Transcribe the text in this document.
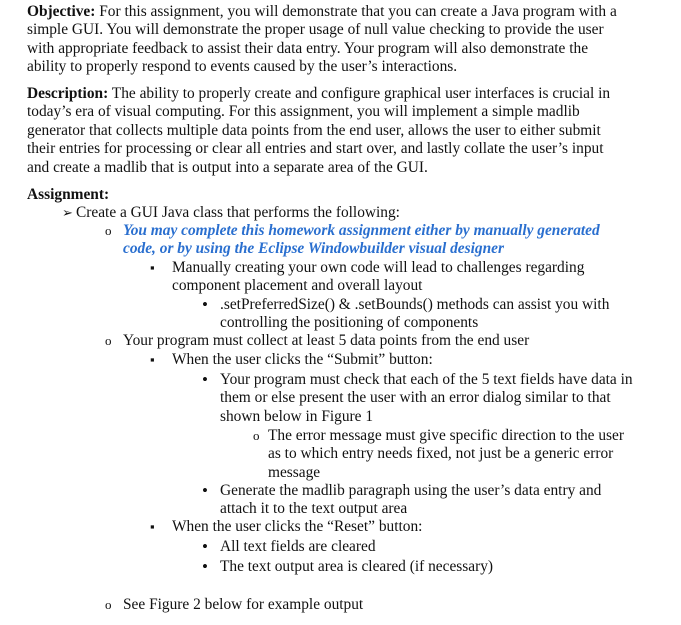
Objective: For this assignment, you will demonstrate that you can create a Java program with a
simple GUI. You will demonstrate the proper usage of null value checking to provide the user
with appropriate feedback to assist their data entry. Your program will also demonstrate the
ability to properly respond to events caused by the user’s interactions.
Description: The ability to properly create and configure graphical user interfaces is crucial in
today’s era of visual computing. For this assignment, you will implement a simple madlib
generator that collects multiple data points from the end user, allows the user to either submit
their entries for processing or clear all entries and start over, and lastly collate the user’s input
and create a madlib that is output into a separate area of the GUI.
Assignment:
➢ Create a GUI Java class that performs the following:
o You may complete this homework assignment either by manually generated
code, or by using the Eclipse Windowbuilder visual designer
▪ Manually creating your own code will lead to challenges regarding
component placement and overall layout
• .setPreferredSize() & .setBounds() methods can assist you with
controlling the positioning of components
o Your program must collect at least 5 data points from the end user
▪ When the user clicks the “Submit” button:
• Your program must check that each of the 5 text fields have data in
them or else present the user with an error dialog similar to that
shown below in Figure 1
o The error message must give specific direction to the user
as to which entry needs fixed, not just be a generic error
message
• Generate the madlib paragraph using the user’s data entry and
attach it to the text output area
▪ When the user clicks the “Reset” button:
• All text fields are cleared
• The text output area is cleared (if necessary)
o See Figure 2 below for example output
